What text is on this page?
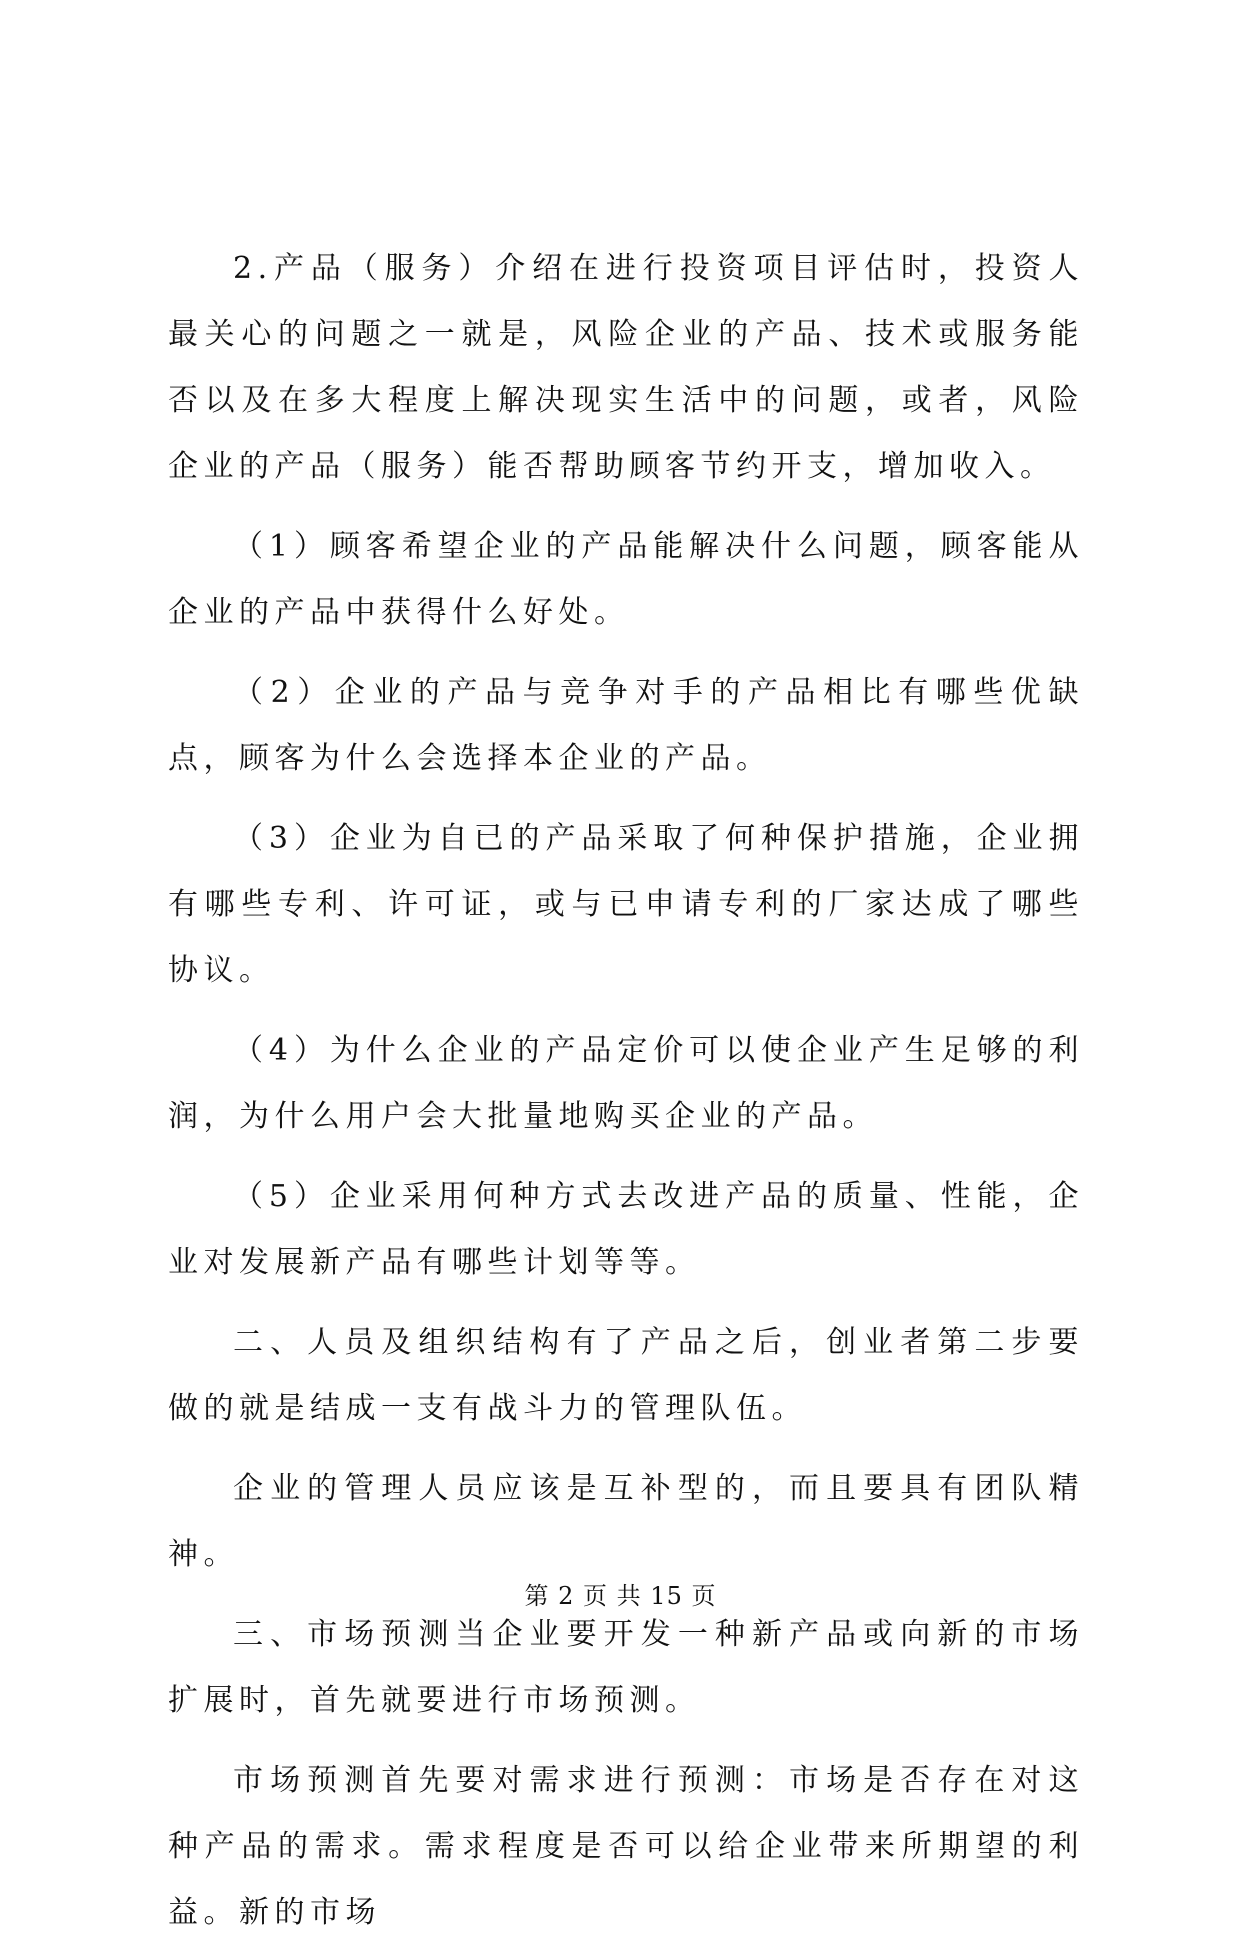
2.产品（服务）介绍在进行投资项目评估时，投资人最关心的问题之一就是，风险企业的产品、技术或服务能否以及在多大程度上解决现实生活中的问题，或者，风险企业的产品（服务）能否帮助顾客节约开支，增加收入。

（1）顾客希望企业的产品能解决什么问题，顾客能从企业的产品中获得什么好处。

（2）企业的产品与竞争对手的产品相比有哪些优缺点，顾客为什么会选择本企业的产品。

（3）企业为自已的产品采取了何种保护措施，企业拥有哪些专利、许可证，或与已申请专利的厂家达成了哪些协议。

（4）为什么企业的产品定价可以使企业产生足够的利润，为什么用户会大批量地购买企业的产品。

（5）企业采用何种方式去改进产品的质量、性能，企业对发展新产品有哪些计划等等。

二、人员及组织结构有了产品之后，创业者第二步要做的就是结成一支有战斗力的管理队伍。

企业的管理人员应该是互补型的，而且要具有团队精神。

三、市场预测当企业要开发一种新产品或向新的市场扩展时，首先就要进行市场预测。

市场预测首先要对需求进行预测：市场是否存在对这种产品的需求。需求程度是否可以给企业带来所期望的利益。新的市场

第 2 页 共 15 页
